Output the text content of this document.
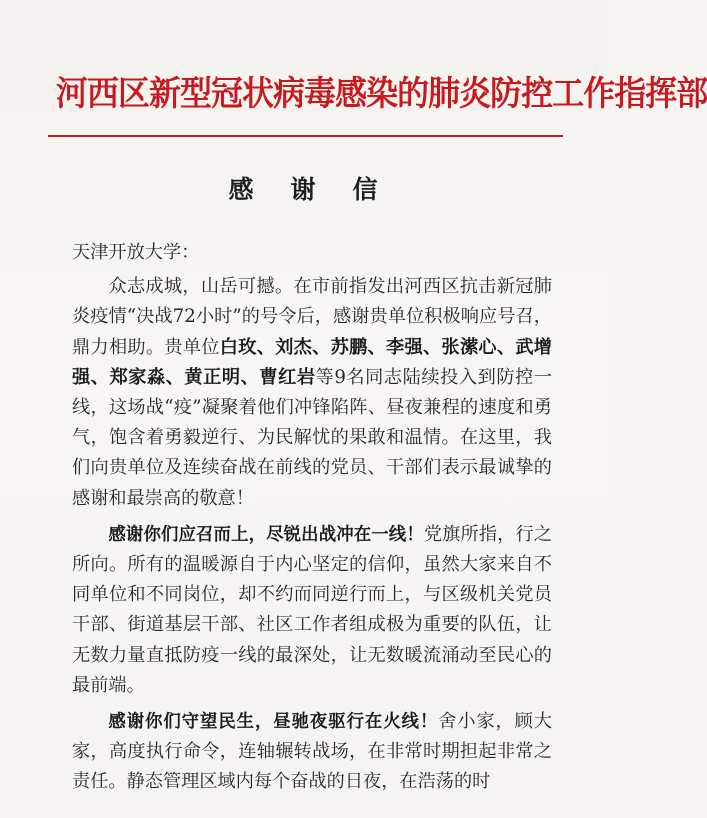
河西区新型冠状病毒感染的肺炎防控工作指挥部
感 谢 信

天津开放大学：

众志成城，山岳可撼。在市前指发出河西区抗击新冠肺炎疫情“决战72小时”的号令后，感谢贵单位积极响应号召，鼎力相助。贵单位白玫、刘杰、苏鹏、李强、张潆心、武增强、郑家淼、黄正明、曹红岩等9名同志陆续投入到防控一线，这场战“疫”凝聚着他们冲锋陷阵、昼夜兼程的速度和勇气，饱含着勇毅逆行、为民解忧的果敢和温情。在这里，我们向贵单位及连续奋战在前线的党员、干部们表示最诚挚的感谢和最崇高的敬意！

感谢你们应召而上，尽锐出战冲在一线！党旗所指，行之所向。所有的温暖源自于内心坚定的信仰，虽然大家来自不同单位和不同岗位，却不约而同逆行而上，与区级机关党员干部、街道基层干部、社区工作者组成极为重要的队伍，让无数力量直抵防疫一线的最深处，让无数暖流涌动至民心的最前端。

感谢你们守望民生，昼驰夜驱行在火线！舍小家，顾大家，高度执行命令，连轴辗转战场，在非常时期担起非常之责任。静态管理区域内每个奋战的日夜，在浩荡的时
